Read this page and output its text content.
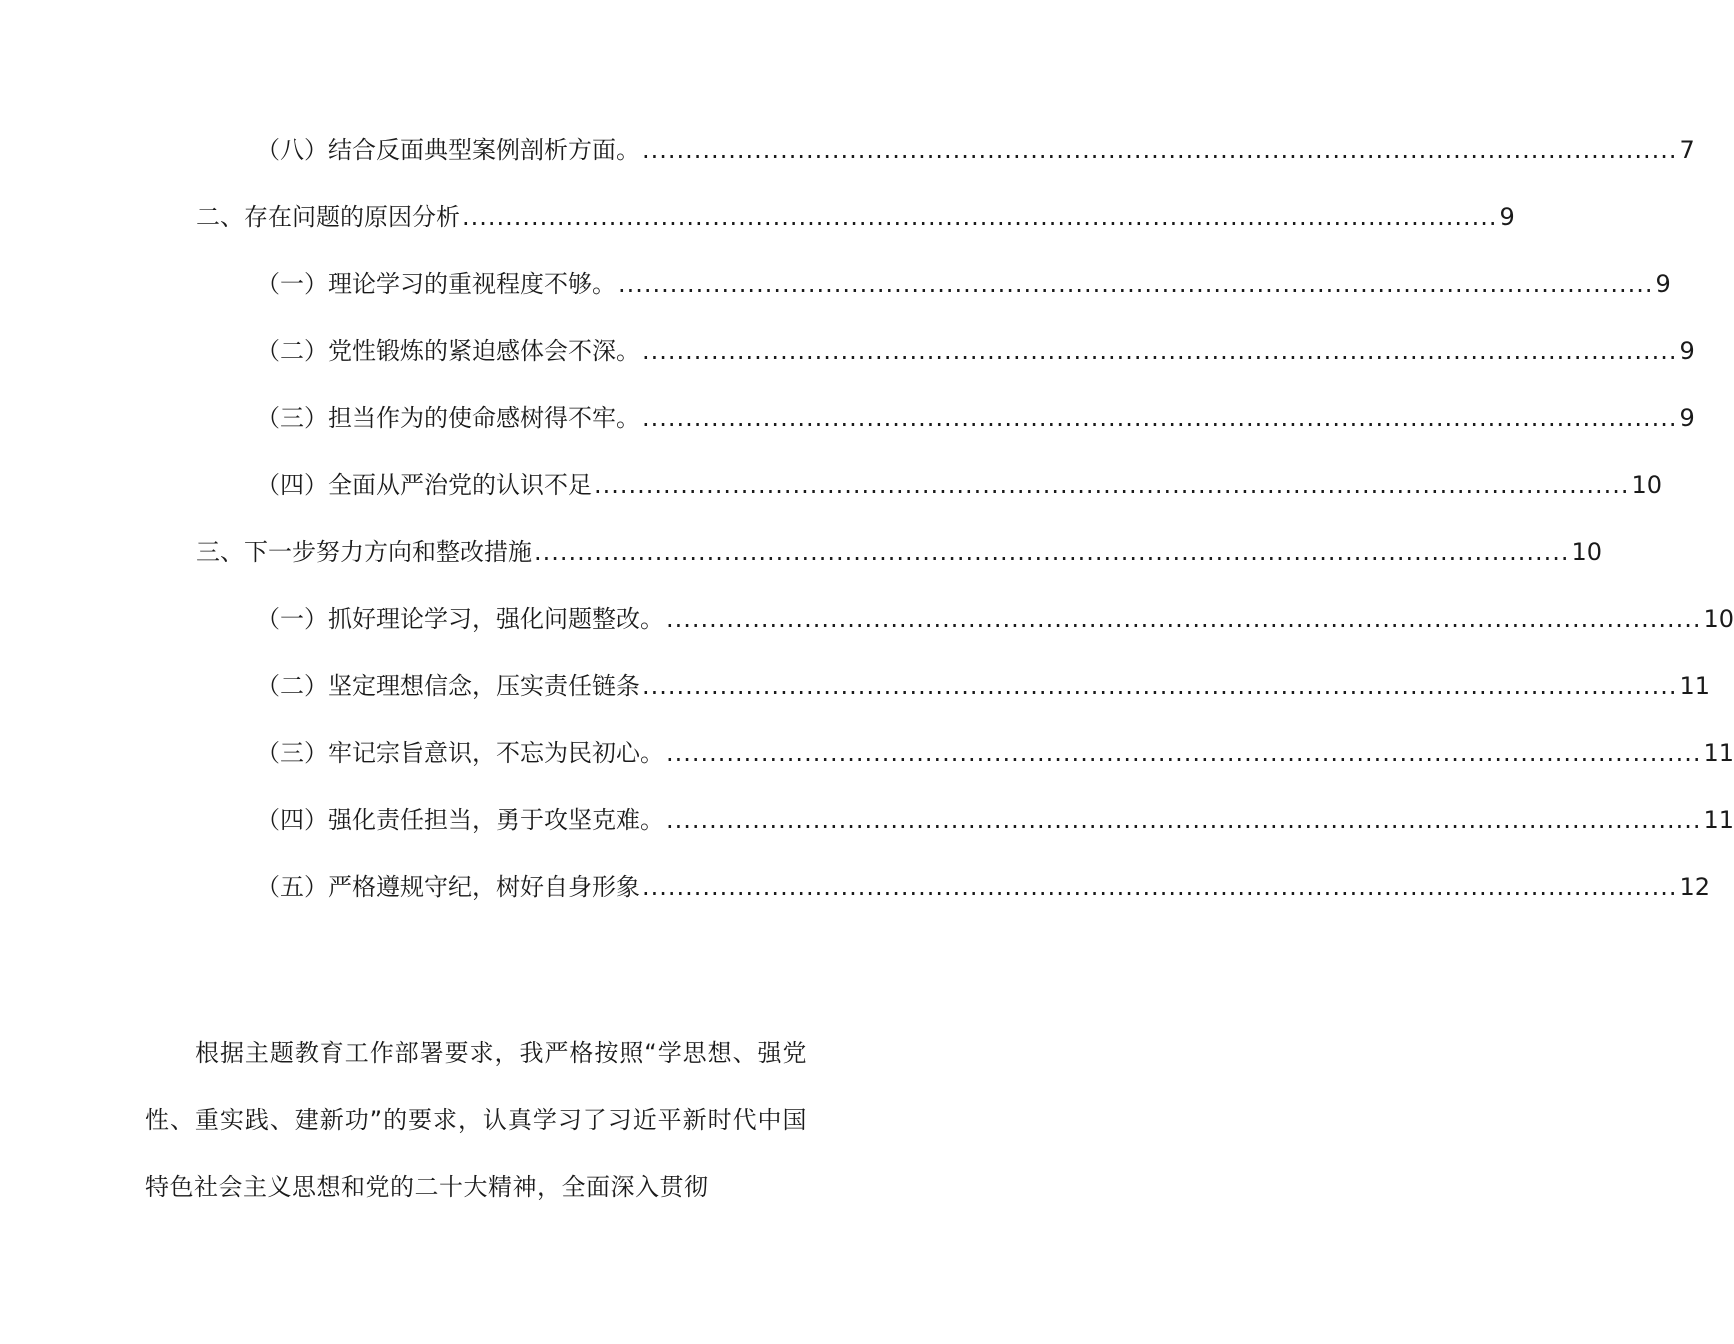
（八）结合反面典型案例剖析方面。 ........................................................................................................................ 7
二、存在问题的原因分析 ........................................................................................................................ 9
（一）理论学习的重视程度不够。 ........................................................................................................................ 9
（二）党性锻炼的紧迫感体会不深。 ........................................................................................................................ 9
（三）担当作为的使命感树得不牢。 ........................................................................................................................ 9
（四）全面从严治党的认识不足 ........................................................................................................................ 10
三、下一步努力方向和整改措施 ........................................................................................................................ 10
（一）抓好理论学习，强化问题整改。 ........................................................................................................................ 10
（二）坚定理想信念，压实责任链条 ........................................................................................................................ 11
（三）牢记宗旨意识，不忘为民初心。 ........................................................................................................................ 11
（四）强化责任担当，勇于攻坚克难。 ........................................................................................................................ 11
（五）严格遵规守纪，树好自身形象 ........................................................................................................................ 12

根据主题教育工作部署要求，我严格按照“学思想、强党性、重实践、建新功”的要求，认真学习了习近平新时代中国特色社会主义思想和党的二十大精神，全面深入贯彻
